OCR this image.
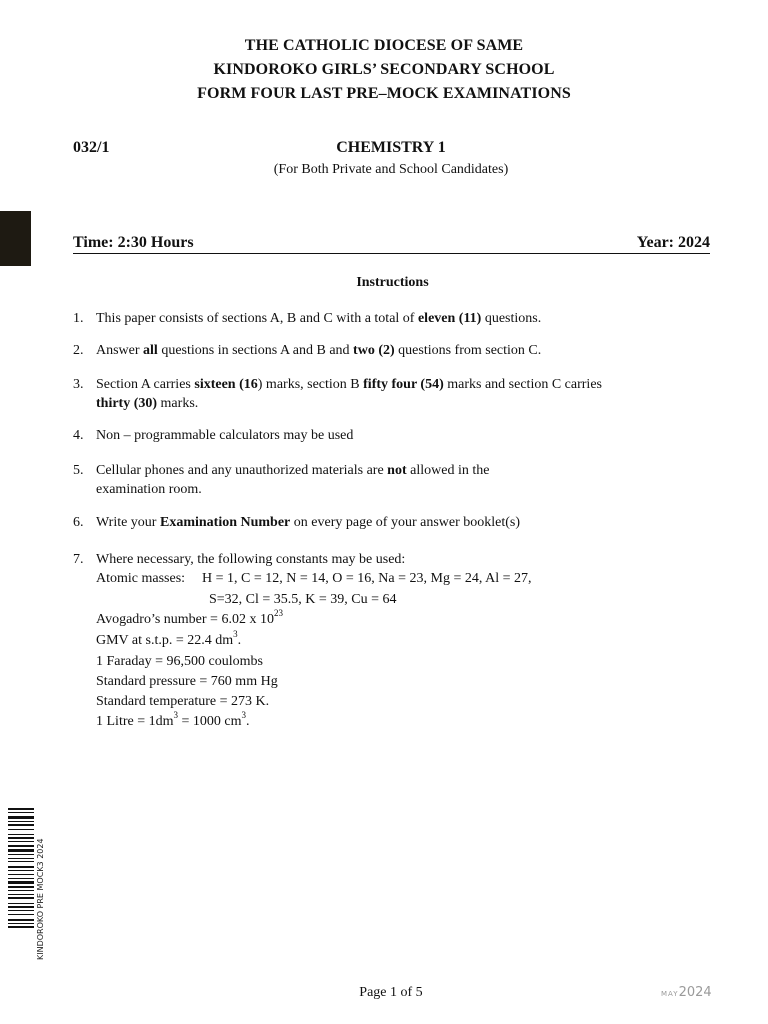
THE CATHOLIC DIOCESE OF SAME
KINDOROKO GIRLS’ SECONDARY SCHOOL
FORM FOUR LAST PRE–MOCK EXAMINATIONS
032/1	CHEMISTRY 1
(For Both Private and School Candidates)
Time: 2:30 Hours	Year: 2024
Instructions
1. This paper consists of sections A, B and C with a total of eleven (11) questions.
2. Answer all questions in sections A and B and two (2) questions from section C.
3. Section A carries sixteen (16) marks, section B fifty four (54) marks and section C carries thirty (30) marks.
4. Non – programmable calculators may be used
5. Cellular phones and any unauthorized materials are not allowed in the examination room.
6. Write your Examination Number on every page of your answer booklet(s)
7. Where necessary, the following constants may be used:
Atomic masses: H = 1, C = 12, N = 14, O = 16, Na = 23, Mg = 24, Al = 27,
S=32, Cl = 35.5, K = 39, Cu = 64
Avogadro’s number = 6.02 x $10^{23}$
GMV at s.t.p. = 22.4 $dm^3$.
1 Faraday = 96,500 coulombs
Standard pressure = 760 mm Hg
Standard temperature = 273 K.
1 Litre = $1dm^3 = 1000$ $cm^3$.
KINDOROKO PRE MOCK3 2024
Page 1 of 5	MAY2024
